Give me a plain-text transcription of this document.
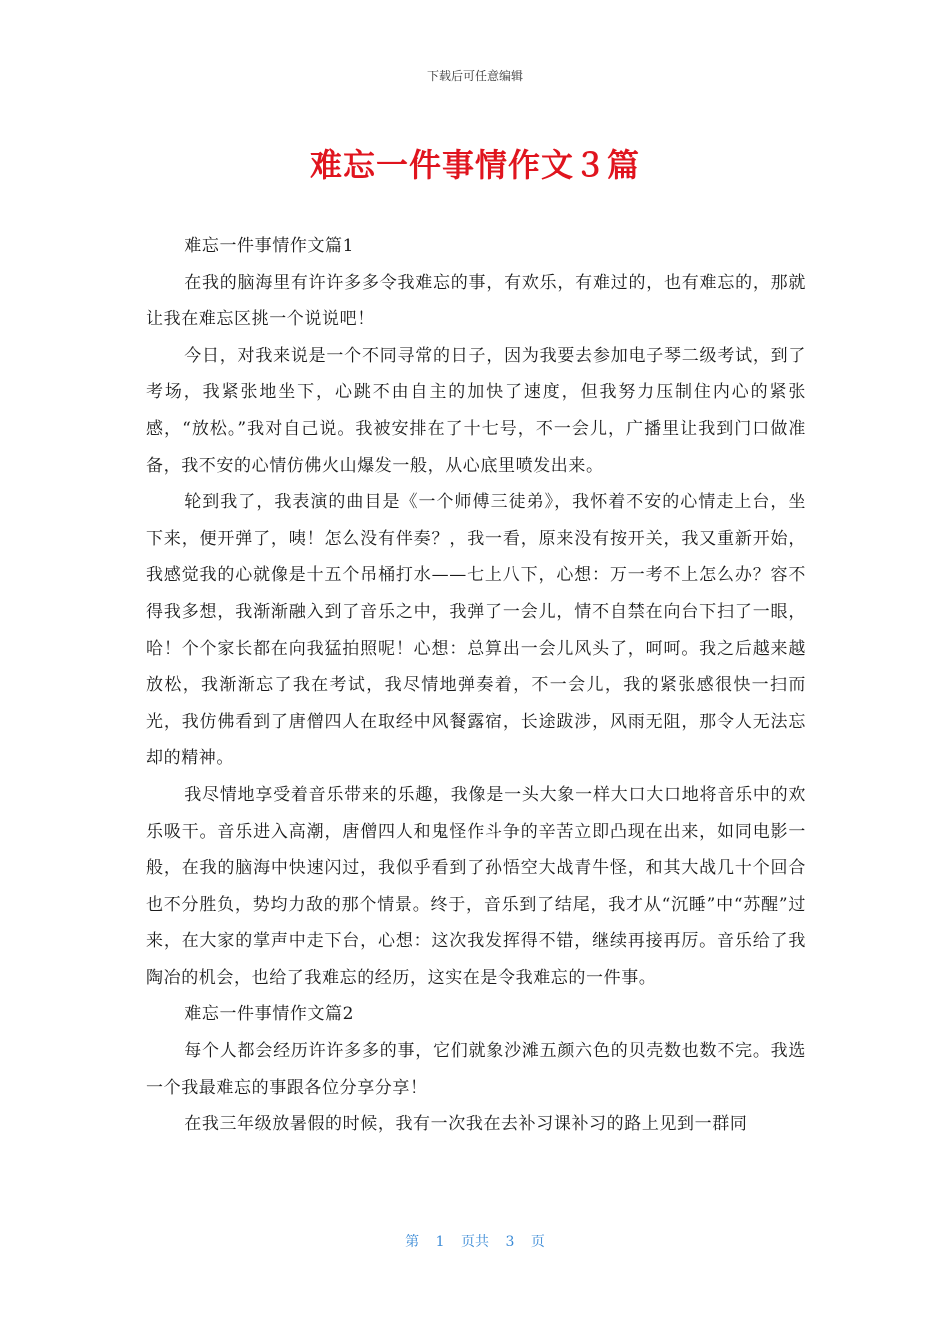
下载后可任意编辑
难忘一件事情作文３篇

难忘一件事情作文篇1

在我的脑海里有许许多多令我难忘的事，有欢乐，有难过的，也有难忘的，那就让我在难忘区挑一个说说吧！

今日，对我来说是一个不同寻常的日子，因为我要去参加电子琴二级考试，到了考场，我紧张地坐下，心跳不由自主的加快了速度，但我努力压制住内心的紧张感，“放松。”我对自己说。我被安排在了十七号，不一会儿，广播里让我到门口做准备，我不安的心情仿佛火山爆发一般，从心底里喷发出来。

轮到我了，我表演的曲目是《一个师傅三徒弟》，我怀着不安的心情走上台，坐下来，便开弹了，咦！怎么没有伴奏？，我一看，原来没有按开关，我又重新开始，我感觉我的心就像是十五个吊桶打水——七上八下，心想：万一考不上怎么办？容不得我多想，我渐渐融入到了音乐之中，我弹了一会儿，情不自禁在向台下扫了一眼，哈！个个家长都在向我猛拍照呢！心想：总算出一会儿风头了，呵呵。我之后越来越放松，我渐渐忘了我在考试，我尽情地弹奏着，不一会儿，我的紧张感很快一扫而光，我仿佛看到了唐僧四人在取经中风餐露宿，长途跋涉，风雨无阻，那令人无法忘却的精神。

我尽情地享受着音乐带来的乐趣，我像是一头大象一样大口大口地将音乐中的欢乐吸干。音乐进入高潮，唐僧四人和鬼怪作斗争的辛苦立即凸现在出来，如同电影一般，在我的脑海中快速闪过，我似乎看到了孙悟空大战青牛怪，和其大战几十个回合也不分胜负，势均力敌的那个情景。终于，音乐到了结尾，我才从“沉睡”中“苏醒”过来，在大家的掌声中走下台，心想：这次我发挥得不错，继续再接再厉。音乐给了我陶冶的机会，也给了我难忘的经历，这实在是令我难忘的一件事。

难忘一件事情作文篇2

每个人都会经历许许多多的事，它们就象沙滩五颜六色的贝壳数也数不完。我选一个我最难忘的事跟各位分享分享！

在我三年级放暑假的时候，我有一次我在去补习课补习的路上见到一群同

第 1 页共 3 页
